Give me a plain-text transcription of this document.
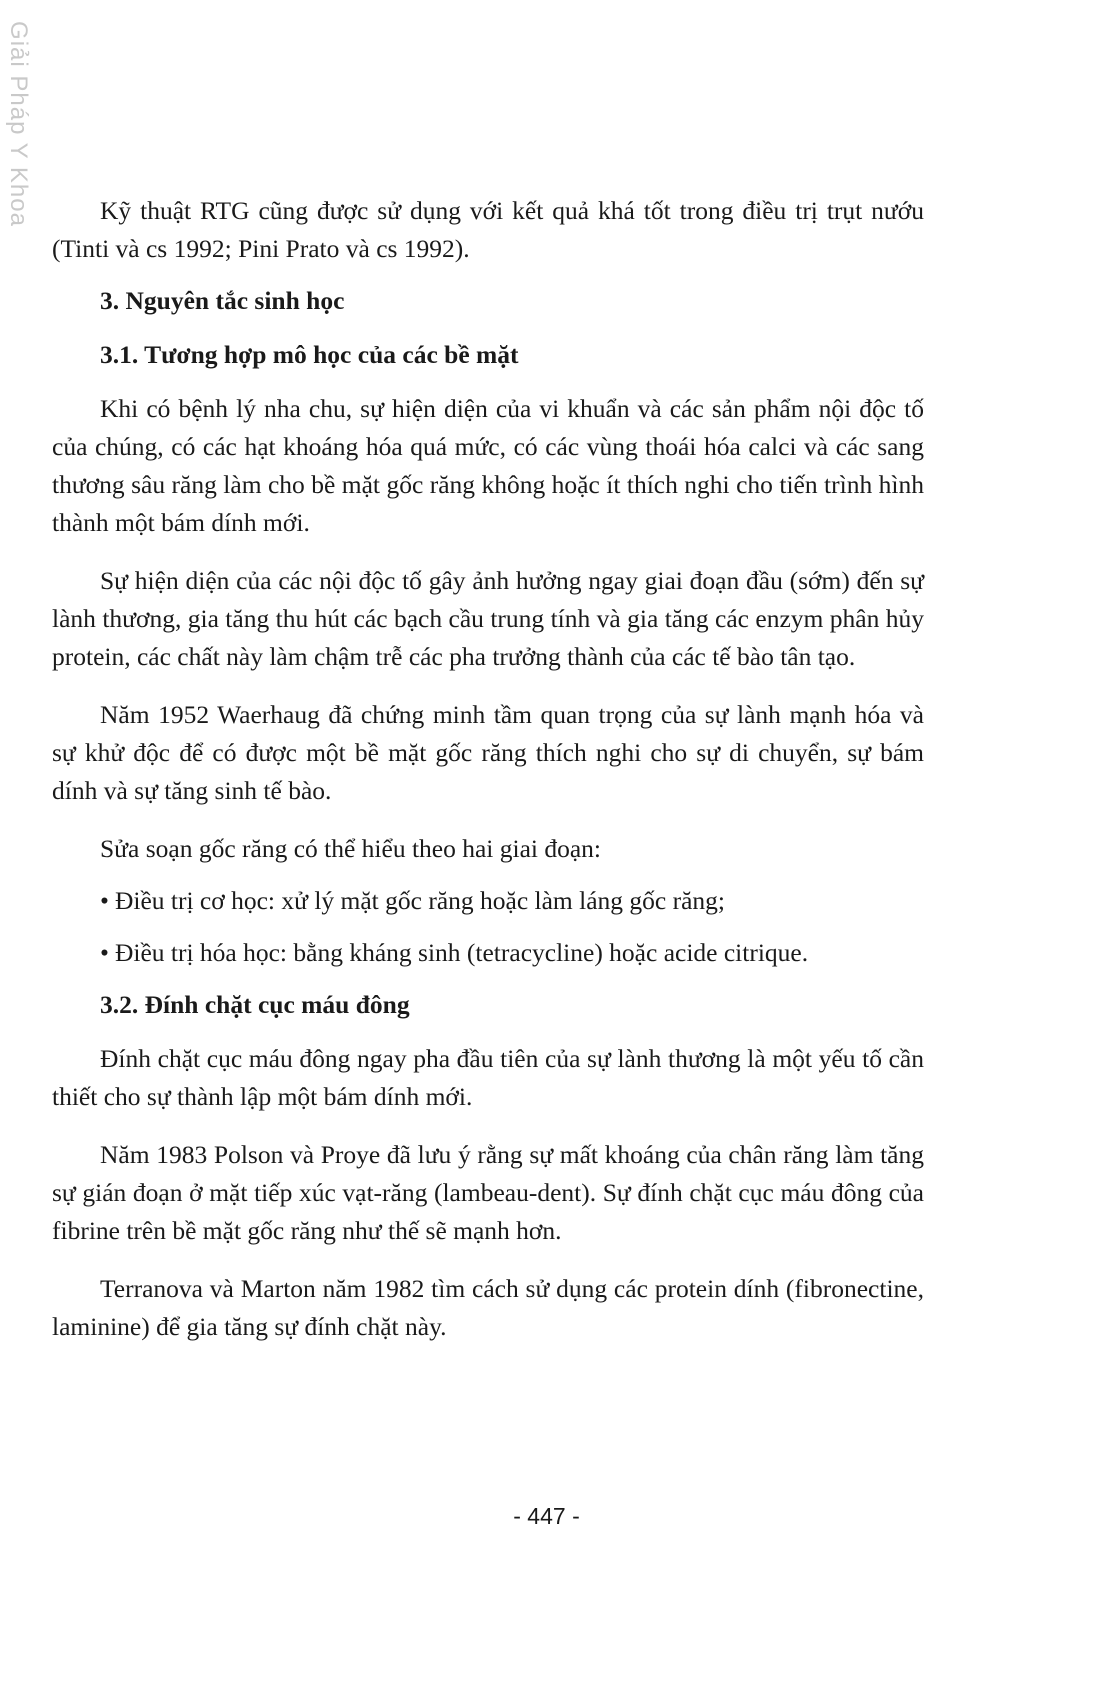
Giải Pháp Y Khoa	Kỹ thuật RTG cũng được sử dụng với kết quả khá tốt trong điều trị trụt nướu (Tinti và cs 1992; Pini Prato và cs 1992).

3. Nguyên tắc sinh học
3.1. Tương hợp mô học của các bề mặt

Khi có bệnh lý nha chu, sự hiện diện của vi khuẩn và các sản phẩm nội độc tố của chúng, có các hạt khoáng hóa quá mức, có các vùng thoái hóa calci và các sang thương sâu răng làm cho bề mặt gốc răng không hoặc ít thích nghi cho tiến trình hình thành một bám dính mới.

Sự hiện diện của các nội độc tố gây ảnh hưởng ngay giai đoạn đầu (sớm) đến sự lành thương, gia tăng thu hút các bạch cầu trung tính và gia tăng các enzym phân hủy protein, các chất này làm chậm trễ các pha trưởng thành của các tế bào tân tạo.

Năm 1952 Waerhaug đã chứng minh tầm quan trọng của sự lành mạnh hóa và sự khử độc để có được một bề mặt gốc răng thích nghi cho sự di chuyển, sự bám dính và sự tăng sinh tế bào.

Sửa soạn gốc răng có thể hiểu theo hai giai đoạn:

• Điều trị cơ học: xử lý mặt gốc răng hoặc làm láng gốc răng;
• Điều trị hóa học: bằng kháng sinh (tetracycline) hoặc acide citrique.
3.2. Đính chặt cục máu đông

Đính chặt cục máu đông ngay pha đầu tiên của sự lành thương là một yếu tố cần thiết cho sự thành lập một bám dính mới.

Năm 1983 Polson và Proye đã lưu ý rằng sự mất khoáng của chân răng làm tăng sự gián đoạn ở mặt tiếp xúc vạt-răng (lambeau-dent). Sự đính chặt cục máu đông của fibrine trên bề mặt gốc răng như thế sẽ mạnh hơn.

Terranova và Marton năm 1982 tìm cách sử dụng các protein dính (fibronectine, laminine) để gia tăng sự đính chặt này.

- 447 -
